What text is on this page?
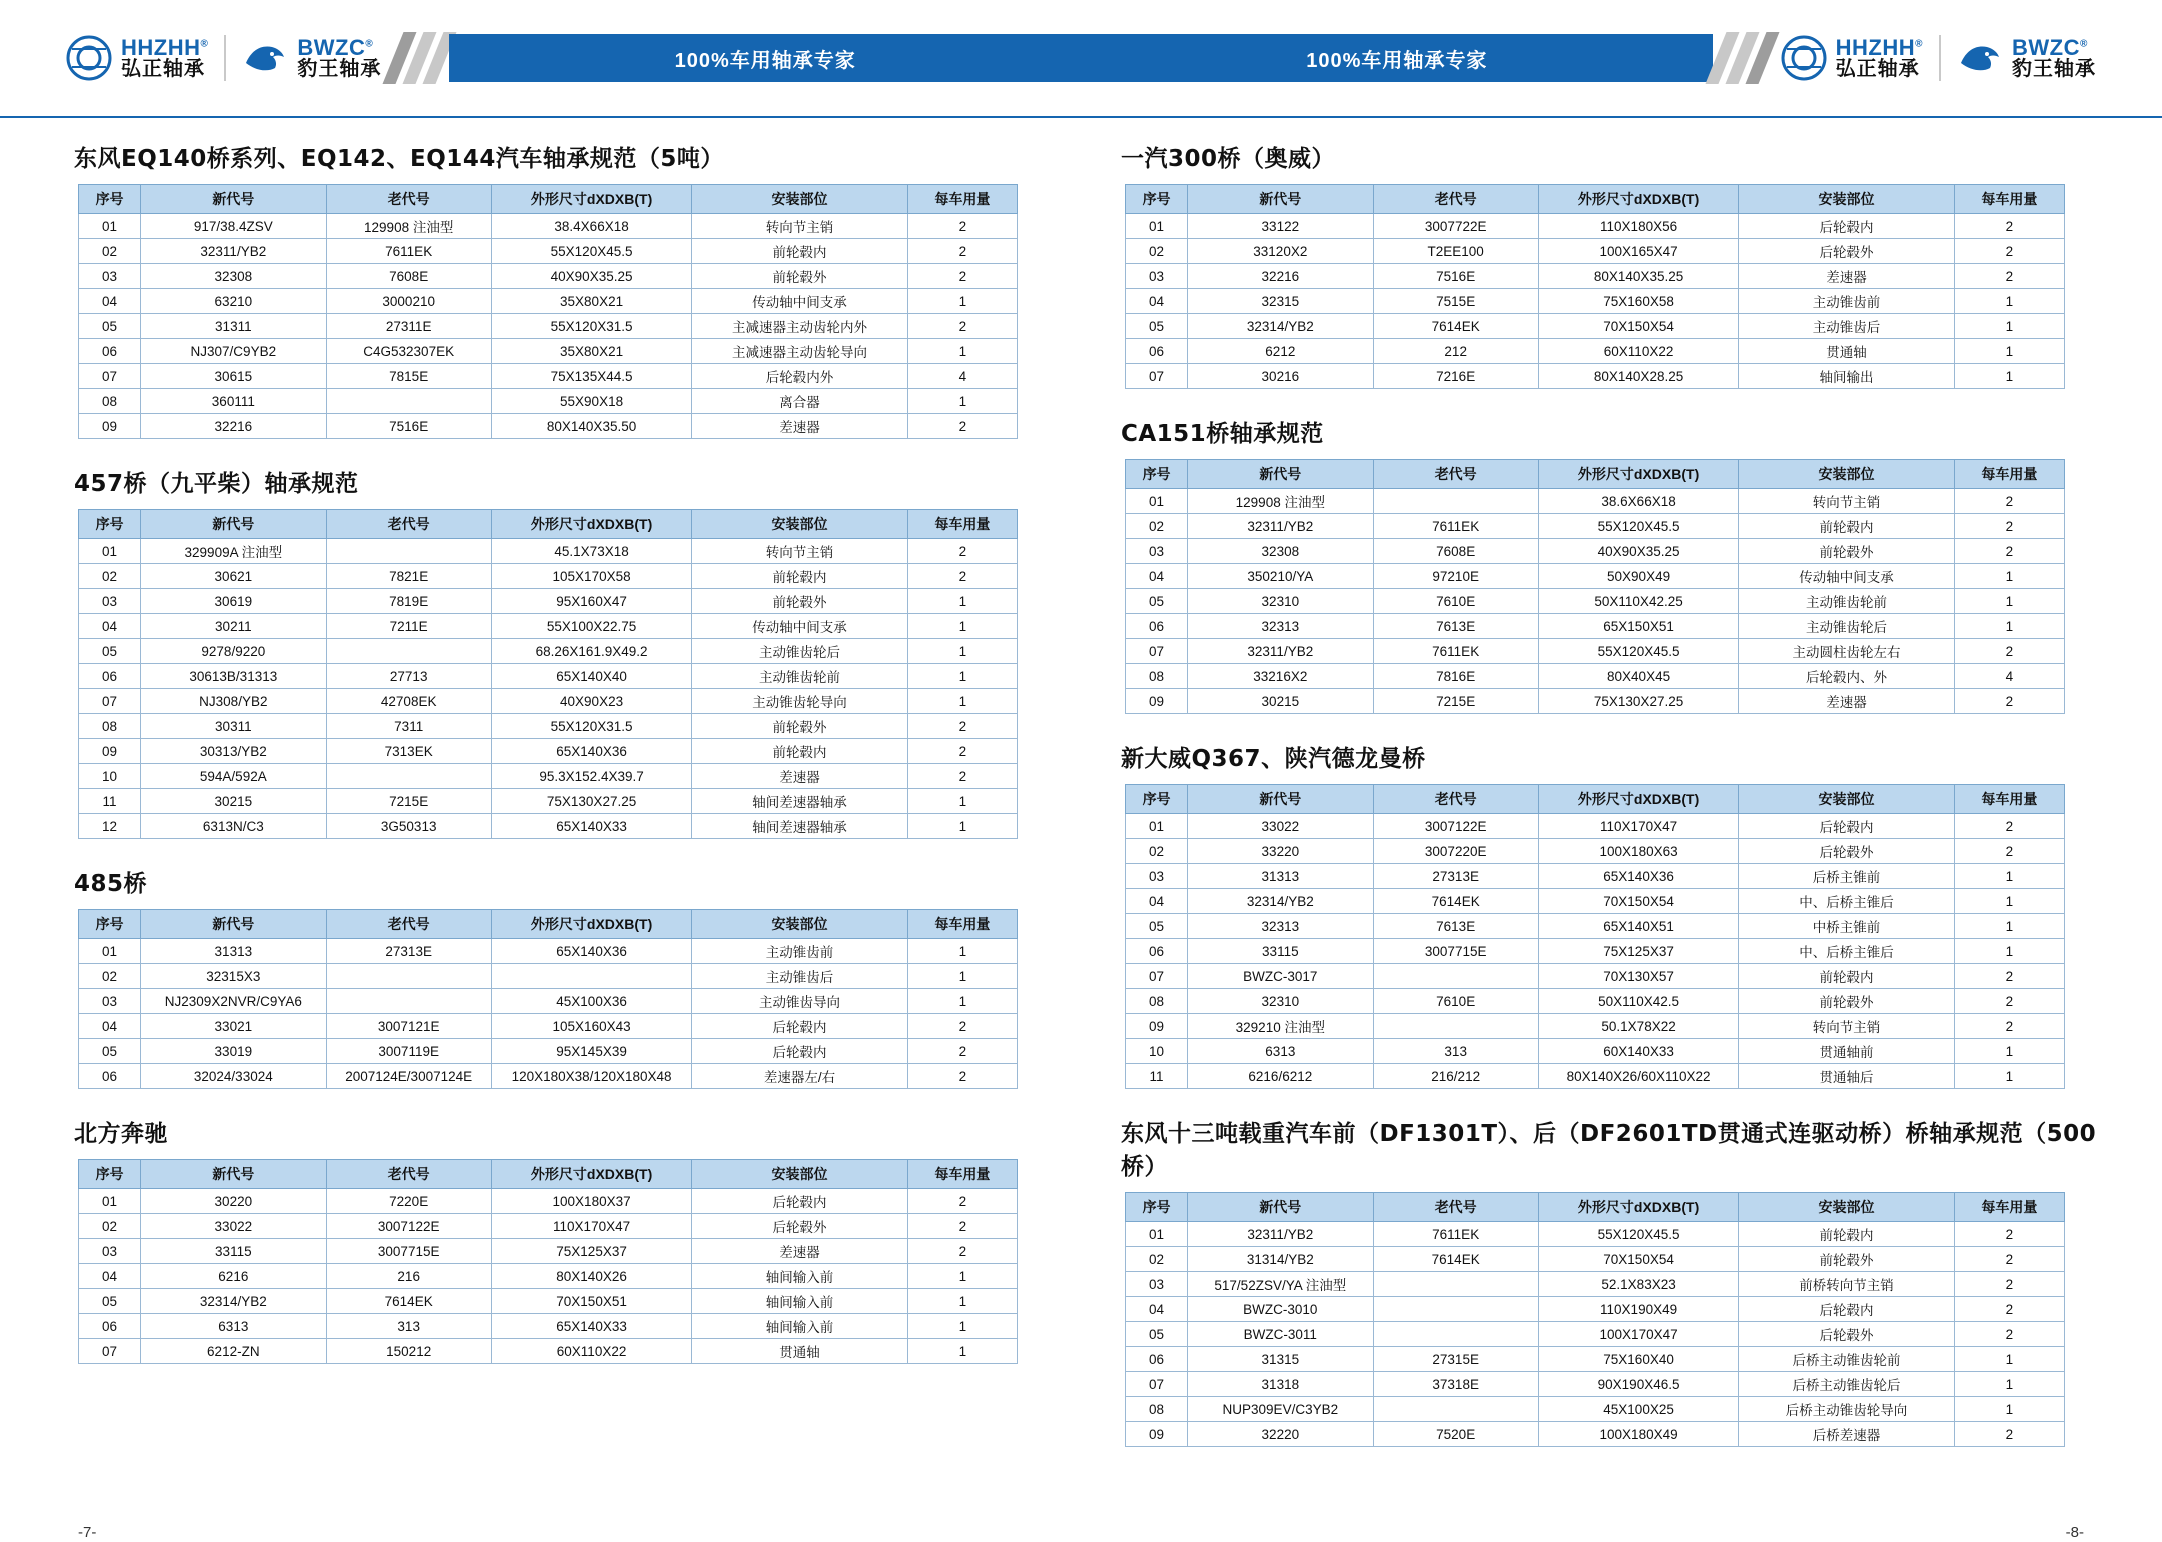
HHZHH®
弘正轴承
BWZC®
豹王轴承	100%车用轴承专家	100%车用轴承专家
HHZHH®
弘正轴承
BWZC®
豹王轴承
东风EQ140桥系列、EQ142、EQ144汽车轴承规范（5吨）
序号	新代号	老代号	外形尺寸dXDXB(T)	安装部位	每车用量
01	917/38.4ZSV	129908 注油型	38.4X66X18	转向节主销	2
02	32311/YB2	7611EK	55X120X45.5	前轮毂内	2
03	32308	7608E	40X90X35.25	前轮毂外	2
04	63210	3000210	35X80X21	传动轴中间支承	1
05	31311	27311E	55X120X31.5	主减速器主动齿轮内外	2
06	NJ307/C9YB2	C4G532307EK	35X80X21	主减速器主动齿轮导向	1
07	30615	7815E	75X135X44.5	后轮毂内外	4
08	360111		55X90X18	离合器	1
09	32216	7516E	80X140X35.50	差速器	2
457桥（九平柴）轴承规范
序号	新代号	老代号	外形尺寸dXDXB(T)	安装部位	每车用量
01	329909A 注油型		45.1X73X18	转向节主销	2
02	30621	7821E	105X170X58	前轮毂内	2
03	30619	7819E	95X160X47	前轮毂外	1
04	30211	7211E	55X100X22.75	传动轴中间支承	1
05	9278/9220		68.26X161.9X49.2	主动锥齿轮后	1
06	30613B/31313	27713	65X140X40	主动锥齿轮前	1
07	NJ308/YB2	42708EK	40X90X23	主动锥齿轮导向	1
08	30311	7311	55X120X31.5	前轮毂外	2
09	30313/YB2	7313EK	65X140X36	前轮毂内	2
10	594A/592A		95.3X152.4X39.7	差速器	2
11	30215	7215E	75X130X27.25	轴间差速器轴承	1
12	6313N/C3	3G50313	65X140X33	轴间差速器轴承	1
485桥
序号	新代号	老代号	外形尺寸dXDXB(T)	安装部位	每车用量
01	31313	27313E	65X140X36	主动锥齿前	1
02	32315X3			主动锥齿后	1
03	NJ2309X2NVR/C9YA6		45X100X36	主动锥齿导向	1
04	33021	3007121E	105X160X43	后轮毂内	2
05	33019	3007119E	95X145X39	后轮毂内	2
06	32024/33024	2007124E/3007124E	120X180X38/120X180X48	差速器左/右	2
北方奔驰
序号	新代号	老代号	外形尺寸dXDXB(T)	安装部位	每车用量
01	30220	7220E	100X180X37	后轮毂内	2
02	33022	3007122E	110X170X47	后轮毂外	2
03	33115	3007715E	75X125X37	差速器	2
04	6216	216	80X140X26	轴间输入前	1
05	32314/YB2	7614EK	70X150X51	轴间输入前	1
06	6313	313	65X140X33	轴间输入前	1
07	6212-ZN	150212	60X110X22	贯通轴	1
一汽300桥（奥威）
序号	新代号	老代号	外形尺寸dXDXB(T)	安装部位	每车用量
01	33122	3007722E	110X180X56	后轮毂内	2
02	33120X2	T2EE100	100X165X47	后轮毂外	2
03	32216	7516E	80X140X35.25	差速器	2
04	32315	7515E	75X160X58	主动锥齿前	1
05	32314/YB2	7614EK	70X150X54	主动锥齿后	1
06	6212	212	60X110X22	贯通轴	1
07	30216	7216E	80X140X28.25	轴间输出	1
CA151桥轴承规范
序号	新代号	老代号	外形尺寸dXDXB(T)	安装部位	每车用量
01	129908 注油型		38.6X66X18	转向节主销	2
02	32311/YB2	7611EK	55X120X45.5	前轮毂内	2
03	32308	7608E	40X90X35.25	前轮毂外	2
04	350210/YA	97210E	50X90X49	传动轴中间支承	1
05	32310	7610E	50X110X42.25	主动锥齿轮前	1
06	32313	7613E	65X150X51	主动锥齿轮后	1
07	32311/YB2	7611EK	55X120X45.5	主动圆柱齿轮左右	2
08	33216X2	7816E	80X40X45	后轮毂内、外	4
09	30215	7215E	75X130X27.25	差速器	2
新大威Q367、陕汽德龙曼桥
序号	新代号	老代号	外形尺寸dXDXB(T)	安装部位	每车用量
01	33022	3007122E	110X170X47	后轮毂内	2
02	33220	3007220E	100X180X63	后轮毂外	2
03	31313	27313E	65X140X36	后桥主锥前	1
04	32314/YB2	7614EK	70X150X54	中、后桥主锥后	1
05	32313	7613E	65X140X51	中桥主锥前	1
06	33115	3007715E	75X125X37	中、后桥主锥后	1
07	BWZC-3017		70X130X57	前轮毂内	2
08	32310	7610E	50X110X42.5	前轮毂外	2
09	329210 注油型		50.1X78X22	转向节主销	2
10	6313	313	60X140X33	贯通轴前	1
11	6216/6212	216/212	80X140X26/60X110X22	贯通轴后	1
东风十三吨载重汽车前（DF1301T）、后（DF2601TD贯通式连驱动桥）桥轴承规范（500桥）
序号	新代号	老代号	外形尺寸dXDXB(T)	安装部位	每车用量
01	32311/YB2	7611EK	55X120X45.5	前轮毂内	2
02	31314/YB2	7614EK	70X150X54	前轮毂外	2
03	517/52ZSV/YA 注油型		52.1X83X23	前桥转向节主销	2
04	BWZC-3010		110X190X49	后轮毂内	2
05	BWZC-3011		100X170X47	后轮毂外	2
06	31315	27315E	75X160X40	后桥主动锥齿轮前	1
07	31318	37318E	90X190X46.5	后桥主动锥齿轮后	1
08	NUP309EV/C3YB2		45X100X25	后桥主动锥齿轮导向	1
09	32220	7520E	100X180X49	后桥差速器	2
-7-	-8-
